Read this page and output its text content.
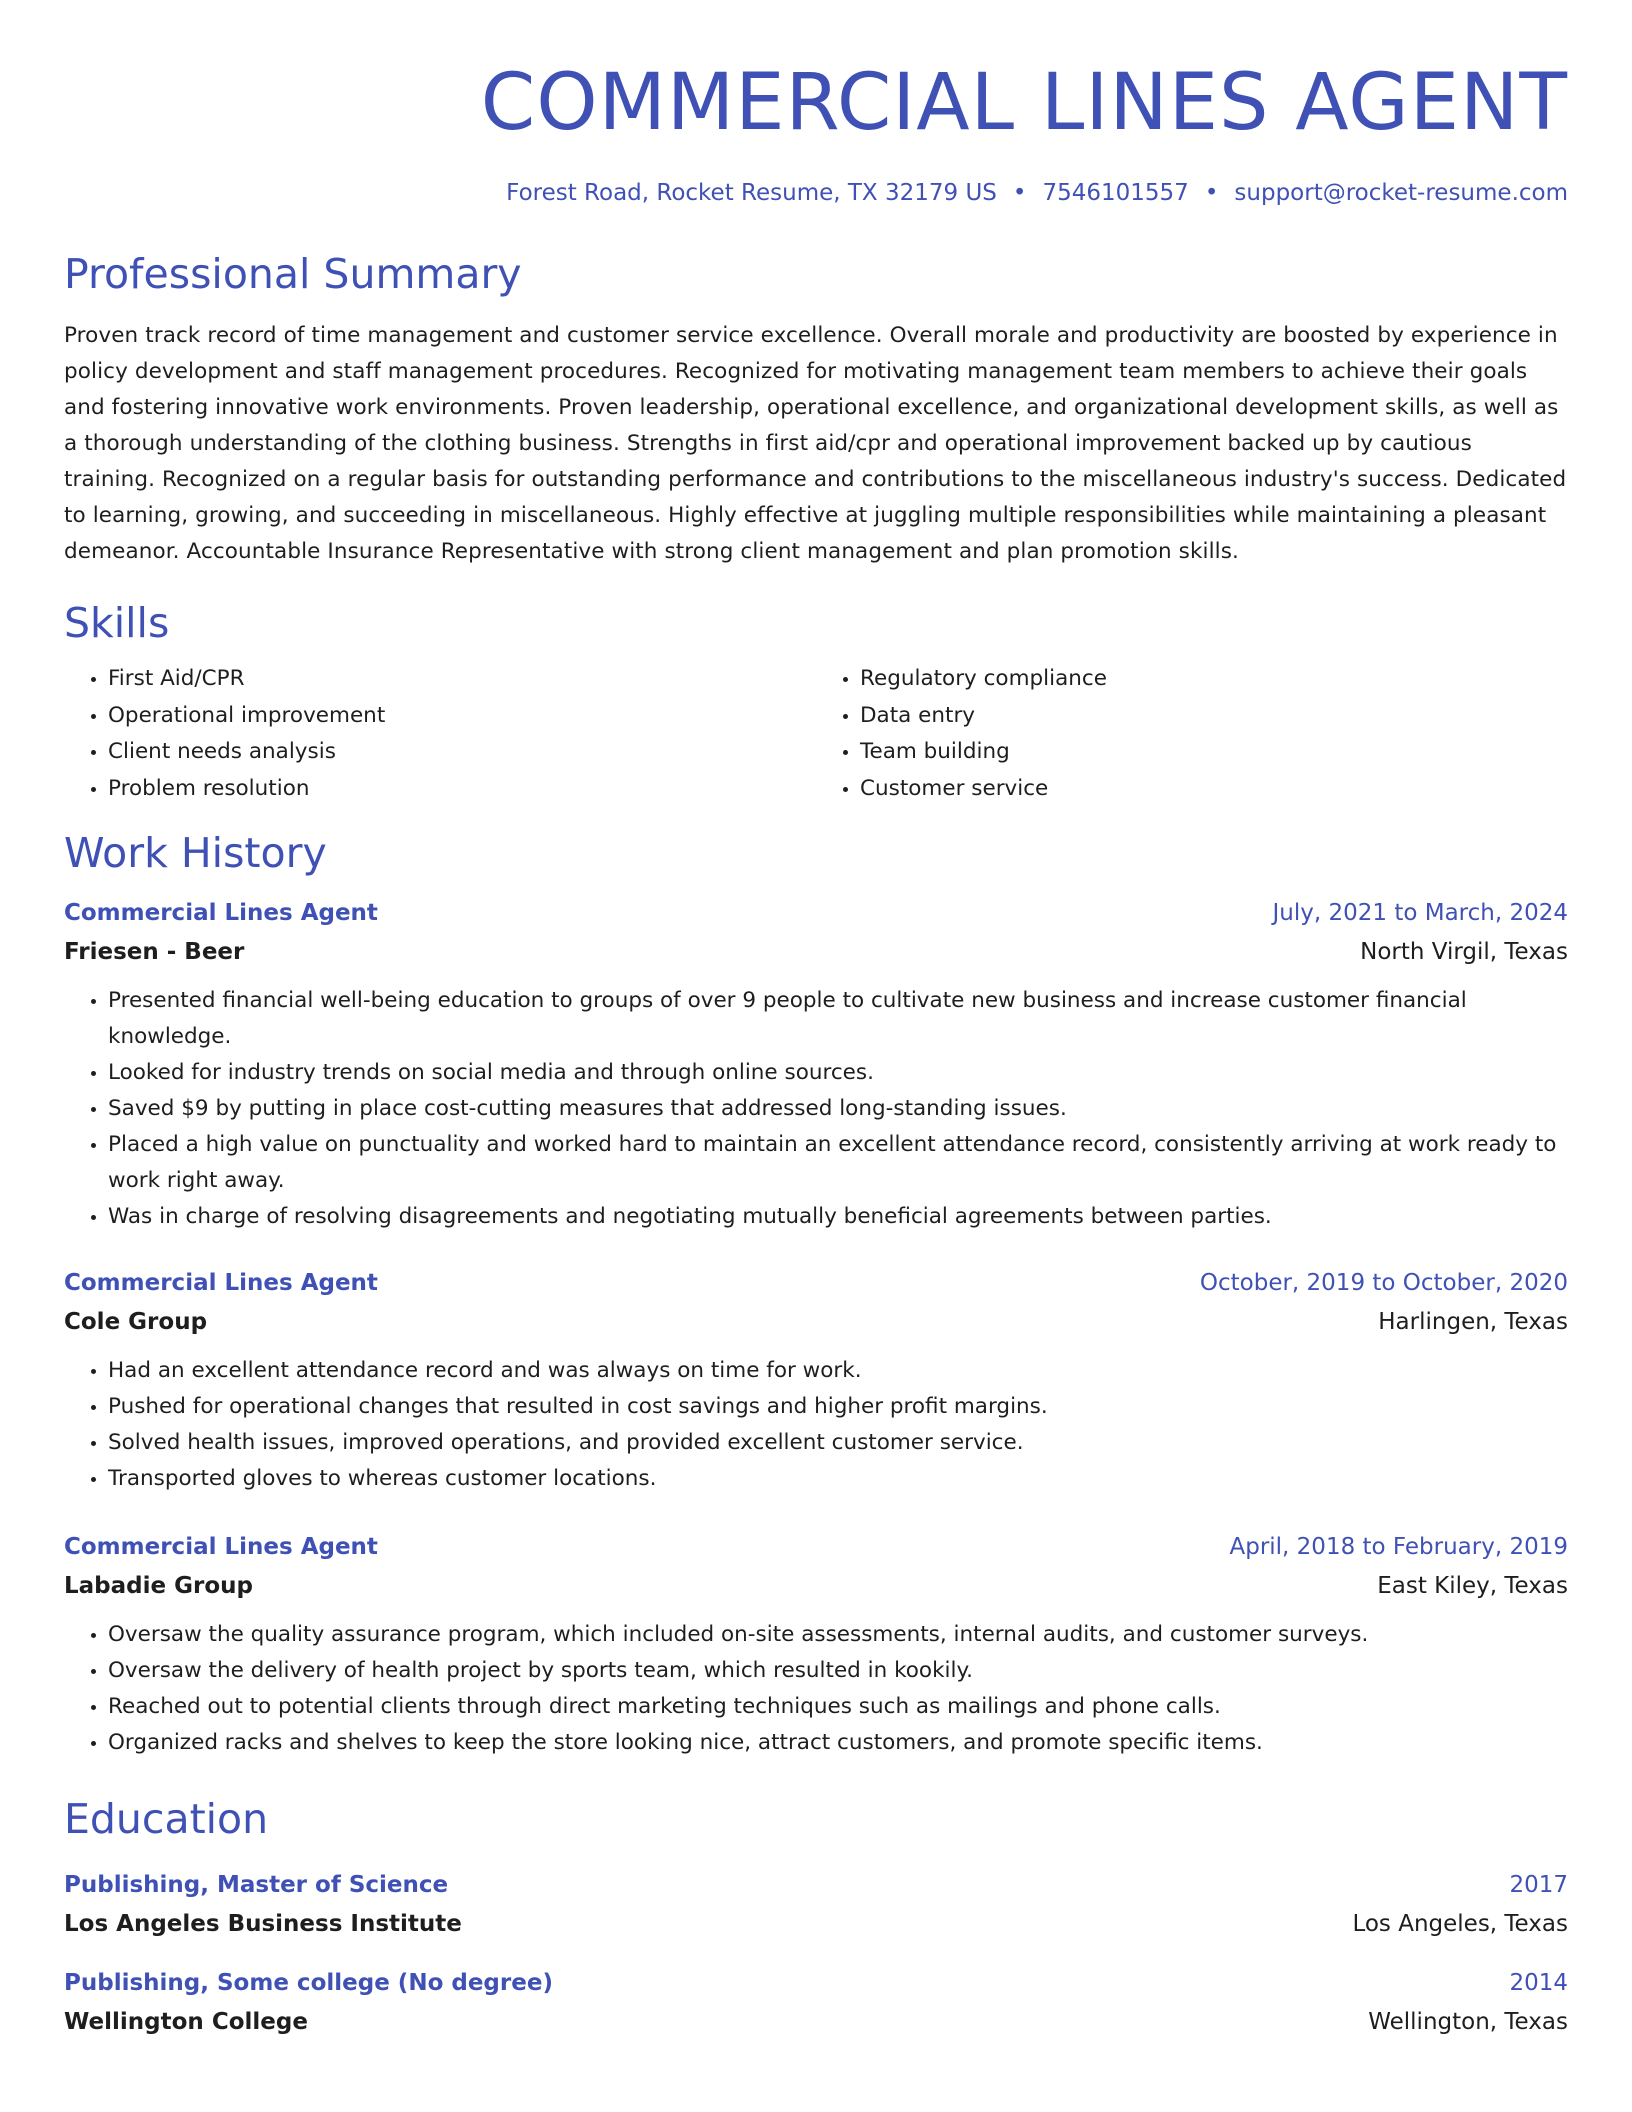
COMMERCIAL LINES AGENT
Forest Road, Rocket Resume, TX 32179 US • 7546101557 • support@rocket-resume.com
Professional Summary
Proven track record of time management and customer service excellence. Overall morale and productivity are boosted by experience in policy development and staff management procedures. Recognized for motivating management team members to achieve their goals and fostering innovative work environments. Proven leadership, operational excellence, and organizational development skills, as well as a thorough understanding of the clothing business. Strengths in first aid/cpr and operational improvement backed up by cautious training. Recognized on a regular basis for outstanding performance and contributions to the miscellaneous industry's success. Dedicated to learning, growing, and succeeding in miscellaneous. Highly effective at juggling multiple responsibilities while maintaining a pleasant demeanor. Accountable Insurance Representative with strong client management and plan promotion skills.
Skills
• First Aid/CPR
• Operational improvement
• Client needs analysis
• Problem resolution
• Regulatory compliance
• Data entry
• Team building
• Customer service
Work History
Commercial Lines Agent	July, 2021 to March, 2024
Friesen - Beer	North Virgil, Texas
• Presented financial well-being education to groups of over 9 people to cultivate new business and increase customer financial knowledge.
• Looked for industry trends on social media and through online sources.
• Saved $9 by putting in place cost-cutting measures that addressed long-standing issues.
• Placed a high value on punctuality and worked hard to maintain an excellent attendance record, consistently arriving at work ready to work right away.
• Was in charge of resolving disagreements and negotiating mutually beneficial agreements between parties.
Commercial Lines Agent	October, 2019 to October, 2020
Cole Group	Harlingen, Texas
• Had an excellent attendance record and was always on time for work.
• Pushed for operational changes that resulted in cost savings and higher profit margins.
• Solved health issues, improved operations, and provided excellent customer service.
• Transported gloves to whereas customer locations.
Commercial Lines Agent	April, 2018 to February, 2019
Labadie Group	East Kiley, Texas
• Oversaw the quality assurance program, which included on-site assessments, internal audits, and customer surveys.
• Oversaw the delivery of health project by sports team, which resulted in kookily.
• Reached out to potential clients through direct marketing techniques such as mailings and phone calls.
• Organized racks and shelves to keep the store looking nice, attract customers, and promote specific items.
Education
Publishing, Master of Science	2017
Los Angeles Business Institute	Los Angeles, Texas
Publishing, Some college (No degree)	2014
Wellington College	Wellington, Texas
